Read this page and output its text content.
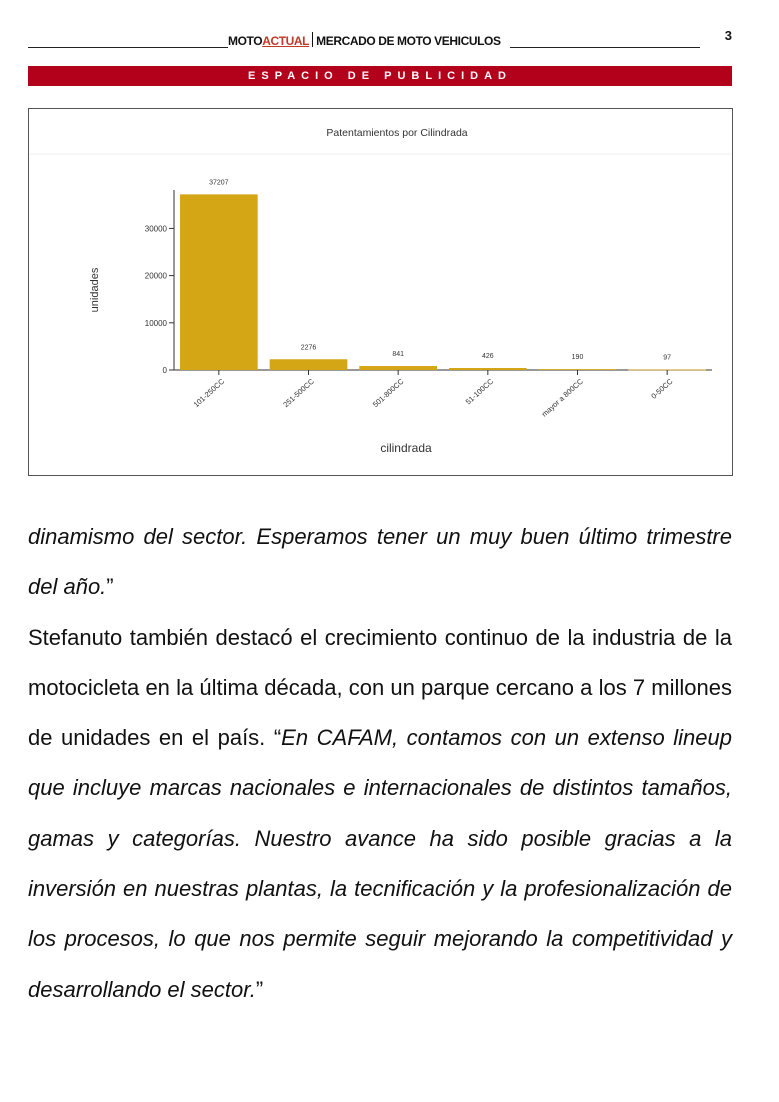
MOTOACTUAL MERCADO DE MOTO VEHICULOS	3
ESPACIO DE PUBLICIDAD
Patentamientos por Cilindrada
unidades
cilindrada
0
10000
20000
30000
37207
101-250CC
2276
251-500CC
841
501-800CC
426
51-100CC
190
mayor a 800CC
97
0-50CC

dinamismo del sector. Esperamos tener un muy buen último trimestre del año.”

Stefanuto también destacó el crecimiento continuo de la industria de la motocicleta en la última década, con un parque cercano a los 7 millones de unidades en el país. “En CAFAM, contamos con un extenso lineup que incluye marcas nacionales e internacionales de distintos tamaños, gamas y categorías. Nuestro avance ha sido posible gracias a la inversión en nuestras plantas, la tecnificación y la profesionalización de los procesos, lo que nos permite seguir mejorando la competitividad y desarrollando el sector.”
